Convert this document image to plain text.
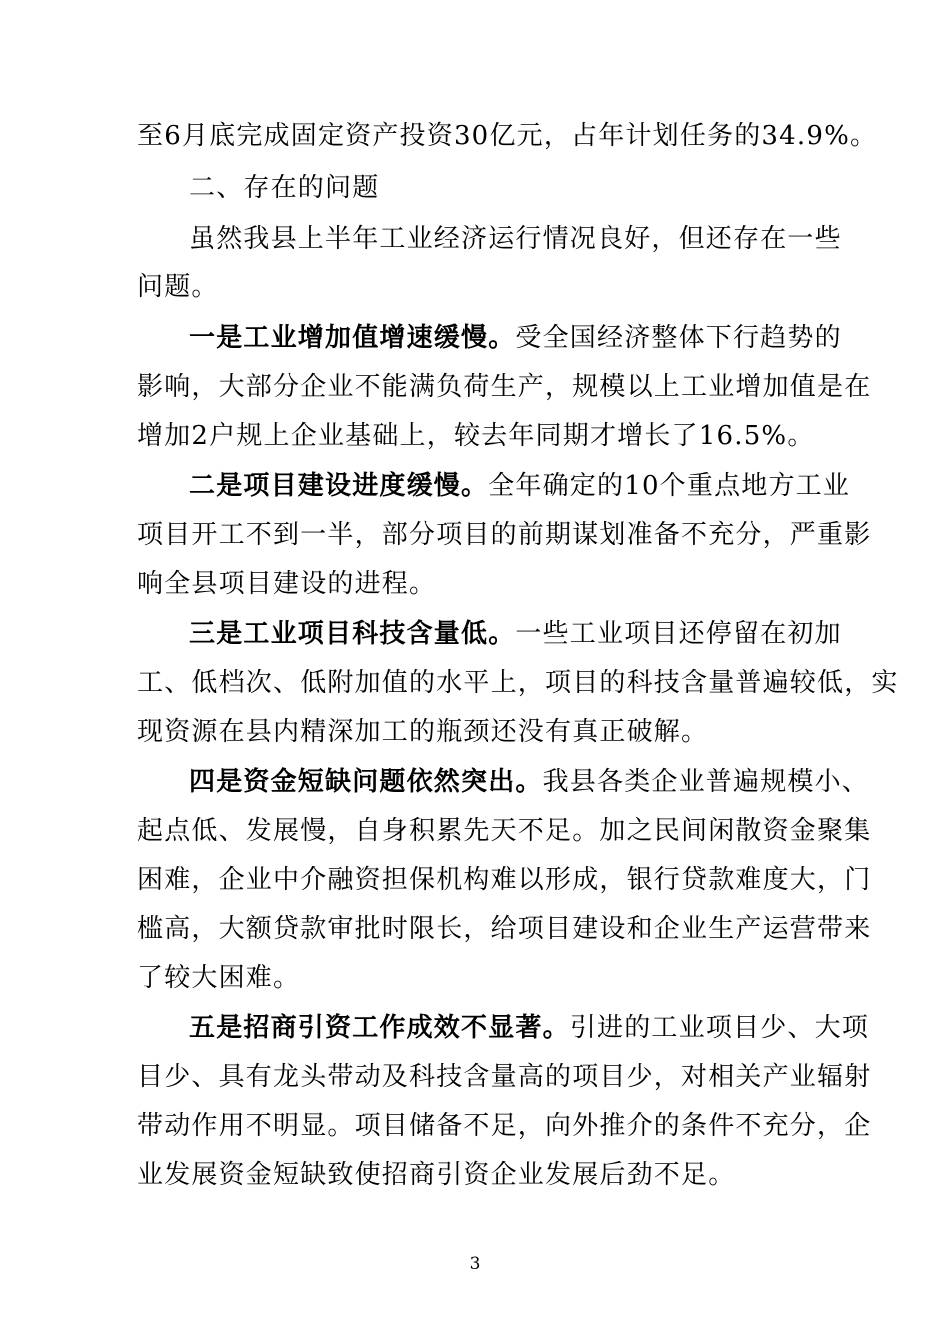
至6月底完成固定资产投资30亿元，占年计划任务的34.9%。
二、存在的问题
虽然我县上半年工业经济运行情况良好，但还存在一些
问题。
一是工业增加值增速缓慢。受全国经济整体下行趋势的
影响，大部分企业不能满负荷生产，规模以上工业增加值是在
增加2户规上企业基础上，较去年同期才增长了16.5%。
二是项目建设进度缓慢。全年确定的10个重点地方工业
项目开工不到一半，部分项目的前期谋划准备不充分，严重影
响全县项目建设的进程。
三是工业项目科技含量低。一些工业项目还停留在初加
工、低档次、低附加值的水平上，项目的科技含量普遍较低，实
现资源在县内精深加工的瓶颈还没有真正破解。
四是资金短缺问题依然突出。我县各类企业普遍规模小、
起点低、发展慢，自身积累先天不足。加之民间闲散资金聚集
困难，企业中介融资担保机构难以形成，银行贷款难度大，门
槛高，大额贷款审批时限长，给项目建设和企业生产运营带来
了较大困难。
五是招商引资工作成效不显著。引进的工业项目少、大项
目少、具有龙头带动及科技含量高的项目少，对相关产业辐射
带动作用不明显。项目储备不足，向外推介的条件不充分，企
业发展资金短缺致使招商引资企业发展后劲不足。
3
